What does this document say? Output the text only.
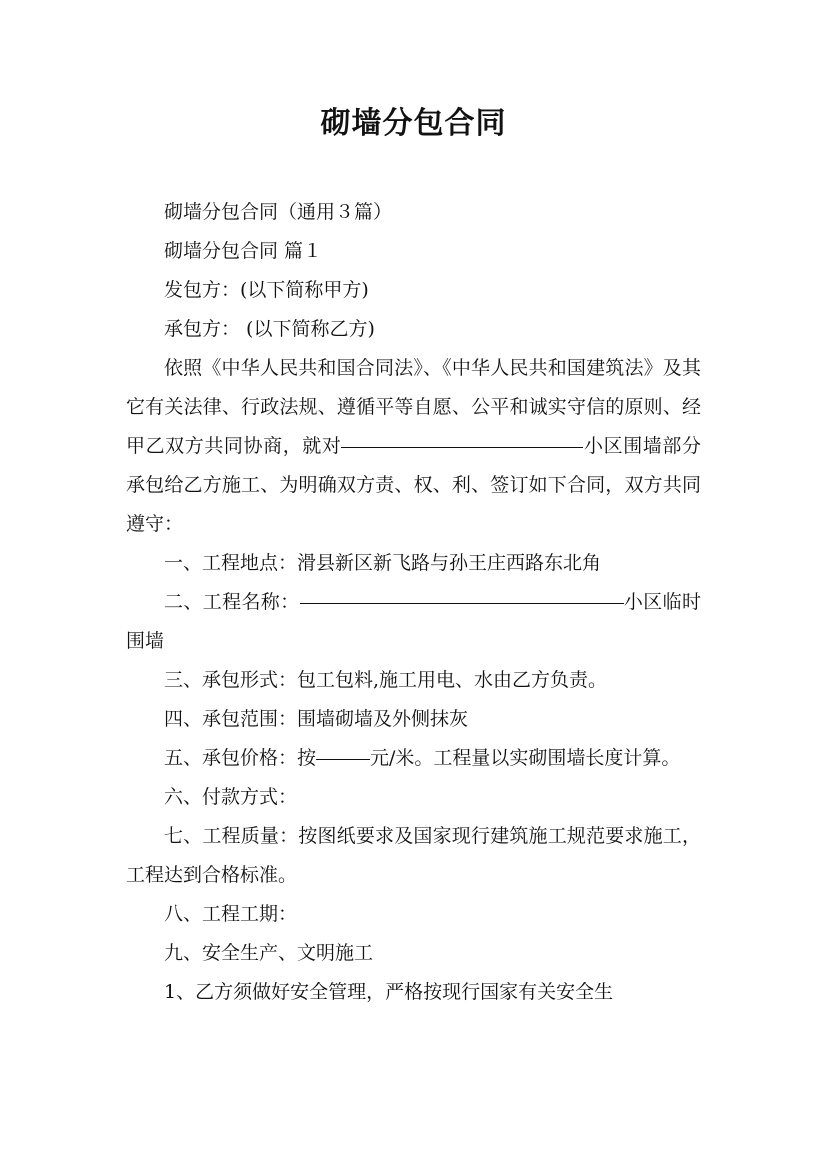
砌墙分包合同

砌墙分包合同（通用３篇）

砌墙分包合同 篇１

发包方：(以下简称甲方)

承包方： (以下简称乙方)

依照《中华人民共和国合同法》、《中华人民共和国建筑法》及其它有关法律、行政法规、遵循平等自愿、公平和诚实守信的原则、经甲乙双方共同协商，就对	小区围墙部分承包给乙方施工、为明确双方责、权、利、签订如下合同，双方共同遵守：

一、工程地点：滑县新区新飞路与孙王庄西路东北角

二、工程名称：	小区临时围墙

三、承包形式：包工包料,施工用电、水由乙方负责。

四、承包范围：围墙砌墙及外侧抹灰

五、承包价格：按	元/米。工程量以实砌围墙长度计算。

六、付款方式：

七、工程质量：按图纸要求及国家现行建筑施工规范要求施工，工程达到合格标准。

八、工程工期：

九、安全生产、文明施工

1、乙方须做好安全管理，严格按现行国家有关安全生
